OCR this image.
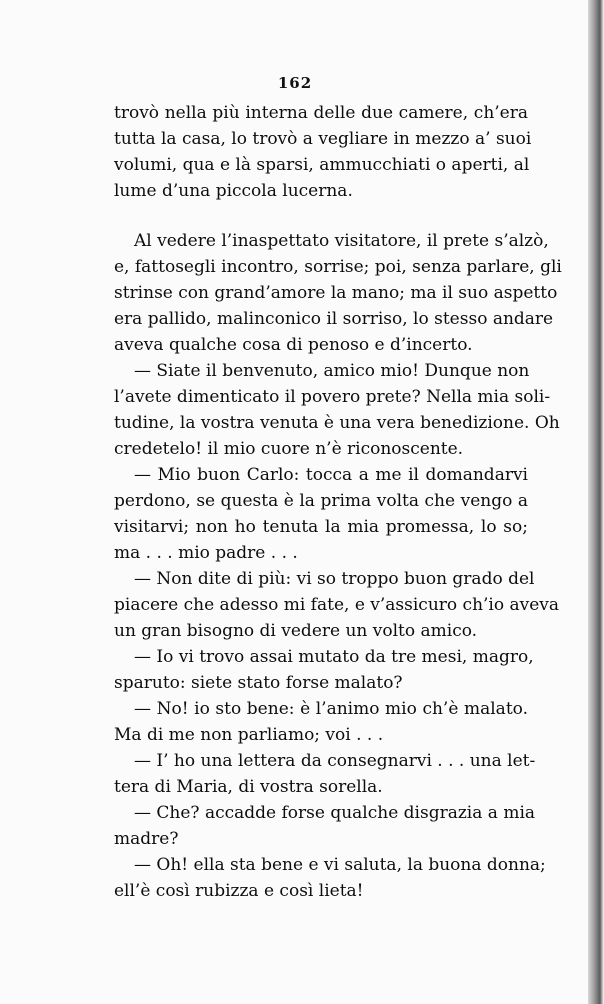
162
trovò nella più interna delle due camere, ch’era
tutta la casa, lo trovò a vegliare in mezzo a’ suoi
volumi, qua e là sparsi, ammucchiati o aperti, al
lume d’una piccola lucerna.
Al vedere l’inaspettato visitatore, il prete s’alzò,
e, fattosegli incontro, sorrise; poi, senza parlare, gli
strinse con grand’amore la mano; ma il suo aspetto
era pallido, malinconico il sorriso, lo stesso andare
aveva qualche cosa di penoso e d’incerto.
— Siate il benvenuto, amico mio! Dunque non
l’avete dimenticato il povero prete? Nella mia soli-
tudine, la vostra venuta è una vera benedizione. Oh
credetelo! il mio cuore n’è riconoscente.
— Mio buon Carlo: tocca a me il domandarvi
perdono, se questa è la prima volta che vengo a
visitarvi; non ho tenuta la mia promessa, lo so;
ma . . . mio padre . . .
— Non dite di più: vi so troppo buon grado del
piacere che adesso mi fate, e v’assicuro ch’io aveva
un gran bisogno di vedere un volto amico.
— Io vi trovo assai mutato da tre mesi, magro,
sparuto: siete stato forse malato?
— No! io sto bene: è l’animo mio ch’è malato.
Ma di me non parliamo; voi . . .
— I’ ho una lettera da consegnarvi . . . una let-
tera di Maria, di vostra sorella.
— Che? accadde forse qualche disgrazia a mia
madre?
— Oh! ella sta bene e vi saluta, la buona donna;
ell’è così rubizza e così lieta!
